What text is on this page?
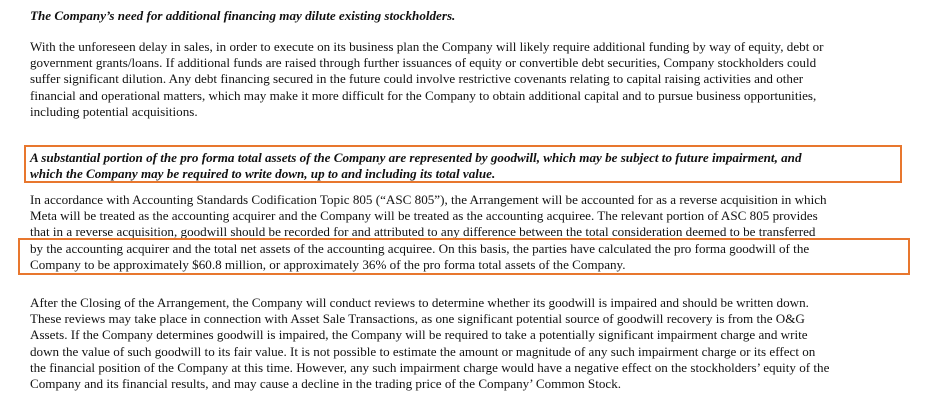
The Company’s need for additional financing may dilute existing stockholders.

With the unforeseen delay in sales, in order to execute on its business plan the Company will likely require additional funding by way of equity, debt or
government grants/loans. If additional funds are raised through further issuances of equity or convertible debt securities, Company stockholders could
suffer significant dilution. Any debt financing secured in the future could involve restrictive covenants relating to capital raising activities and other
financial and operational matters, which may make it more difficult for the Company to obtain additional capital and to pursue business opportunities,
including potential acquisitions.

A substantial portion of the pro forma total assets of the Company are represented by goodwill, which may be subject to future impairment, and
which the Company may be required to write down, up to and including its total value.

In accordance with Accounting Standards Codification Topic 805 (“ASC 805”), the Arrangement will be accounted for as a reverse acquisition in which
Meta will be treated as the accounting acquirer and the Company will be treated as the accounting acquiree. The relevant portion of ASC 805 provides
that in a reverse acquisition, goodwill should be recorded for and attributed to any difference between the total consideration deemed to be transferred
by the accounting acquirer and the total net assets of the accounting acquiree. On this basis, the parties have calculated the pro forma goodwill of the
Company to be approximately $60.8 million, or approximately 36% of the pro forma total assets of the Company.

After the Closing of the Arrangement, the Company will conduct reviews to determine whether its goodwill is impaired and should be written down.
These reviews may take place in connection with Asset Sale Transactions, as one significant potential source of goodwill recovery is from the O&G
Assets. If the Company determines goodwill is impaired, the Company will be required to take a potentially significant impairment charge and write
down the value of such goodwill to its fair value. It is not possible to estimate the amount or magnitude of any such impairment charge or its effect on
the financial position of the Company at this time. However, any such impairment charge would have a negative effect on the stockholders’ equity of the
Company and its financial results, and may cause a decline in the trading price of the Company’ Common Stock.
